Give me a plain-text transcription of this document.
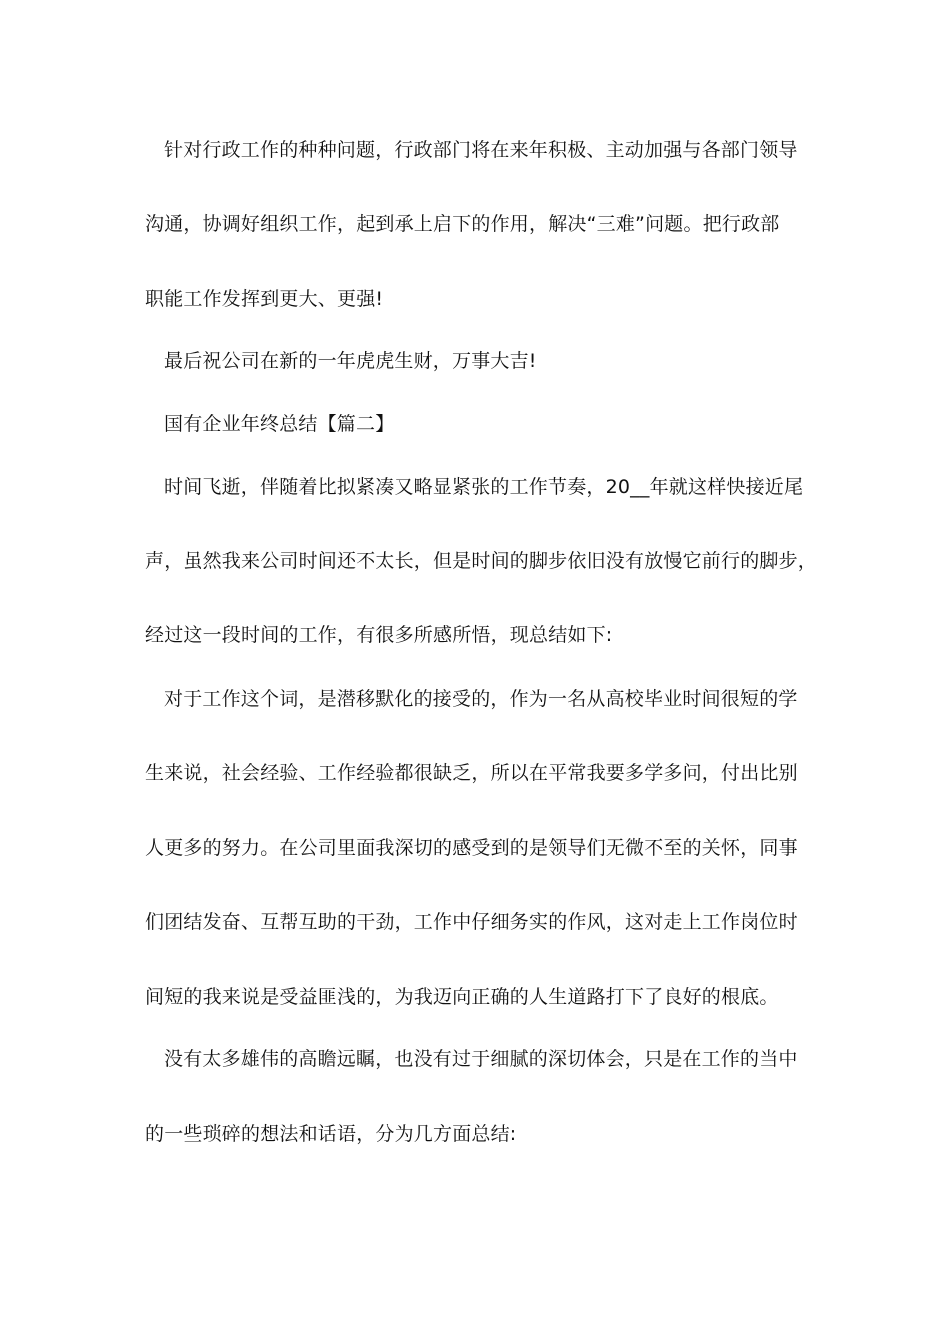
针对行政工作的种种问题，行政部门将在来年积极、主动加强与各部门领导
沟通，协调好组织工作，起到承上启下的作用，解决“三难”问题。把行政部
职能工作发挥到更大、更强!
最后祝公司在新的一年虎虎生财，万事大吉!
国有企业年终总结【篇二】
时间飞逝，伴随着比拟紧凑又略显紧张的工作节奏，20__年就这样快接近尾
声，虽然我来公司时间还不太长，但是时间的脚步依旧没有放慢它前行的脚步，
经过这一段时间的工作，有很多所感所悟，现总结如下:
对于工作这个词，是潜移默化的接受的，作为一名从高校毕业时间很短的学
生来说，社会经验、工作经验都很缺乏，所以在平常我要多学多问，付出比别
人更多的努力。在公司里面我深切的感受到的是领导们无微不至的关怀，同事
们团结发奋、互帮互助的干劲，工作中仔细务实的作风，这对走上工作岗位时
间短的我来说是受益匪浅的，为我迈向正确的人生道路打下了良好的根底。
没有太多雄伟的高瞻远瞩，也没有过于细腻的深切体会，只是在工作的当中
的一些琐碎的想法和话语，分为几方面总结:
